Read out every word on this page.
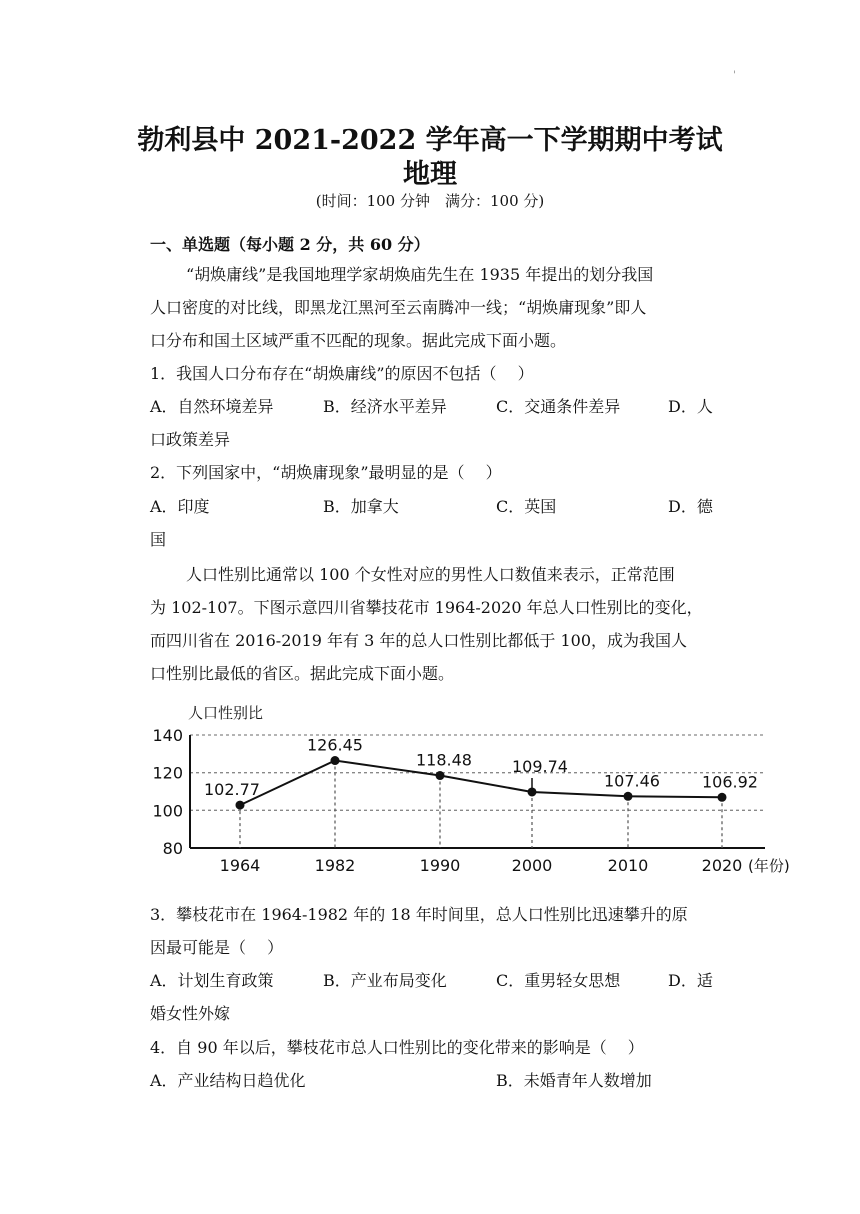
'
勃利县中 2021-2022 学年高一下学期期中考试
地理
(时间：100 分钟　满分：100 分)
一、单选题（每小题 2 分，共 60 分）
“胡焕庸线”是我国地理学家胡焕庙先生在 1935 年提出的划分我国
人口密度的对比线，即黑龙江黑河至云南腾冲一线；“胡焕庸现象”即人
口分布和国土区域严重不匹配的现象。据此完成下面小题。
1．我国人口分布存在“胡焕庸线”的原因不包括（　 ）
A．自然环境差异	B．经济水平差异	C．交通条件差异	D．人
口政策差异
2．下列国家中，“胡焕庸现象”最明显的是（　 ）
A．印度	B．加拿大	C．英国	D．德
国
人口性别比通常以 100 个女性对应的男性人口数值来表示，正常范围
为 102-107。下图示意四川省攀技花市 1964-2020 年总人口性别比的变化，
而四川省在 2016-2019 年有 3 年的总人口性别比都低于 100，成为我国人
口性别比最低的省区。据此完成下面小题。
人口性别比
80
100
120
140
102.77
1964
126.45
1982
118.48
1990
109.74
2000
107.46
2010
106.92
2020 (年份)
3．攀枝花市在 1964-1982 年的 18 年时间里，总人口性别比迅速攀升的原
因最可能是（　 ）
A．计划生育政策	B．产业布局变化	C．重男轻女思想	D．适
婚女性外嫁
4．自 90 年以后，攀枝花市总人口性别比的变化带来的影响是（　 ）
A．产业结构日趋优化	B．未婚青年人数增加
